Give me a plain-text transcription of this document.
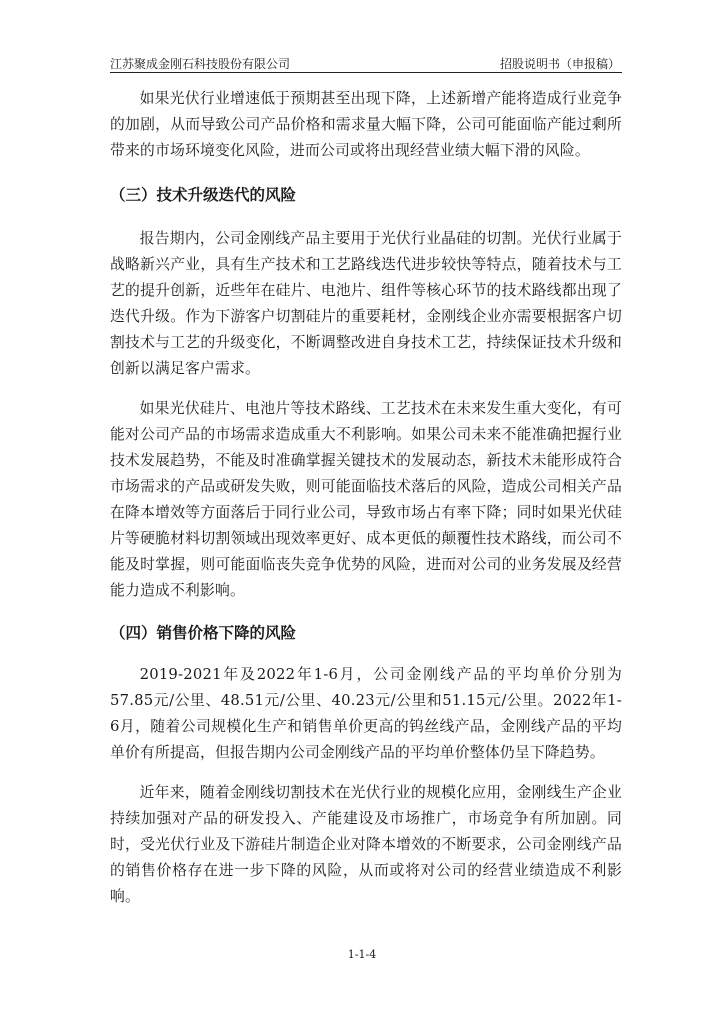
江苏聚成金刚石科技股份有限公司	招股说明书（申报稿）

如果光伏行业增速低于预期甚至出现下降，上述新增产能将造成行业竞争的加剧，从而导致公司产品价格和需求量大幅下降，公司可能面临产能过剩所带来的市场环境变化风险，进而公司或将出现经营业绩大幅下滑的风险。

（三）技术升级迭代的风险

报告期内，公司金刚线产品主要用于光伏行业晶硅的切割。光伏行业属于战略新兴产业，具有生产技术和工艺路线迭代进步较快等特点，随着技术与工艺的提升创新，近些年在硅片、电池片、组件等核心环节的技术路线都出现了迭代升级。作为下游客户切割硅片的重要耗材，金刚线企业亦需要根据客户切割技术与工艺的升级变化，不断调整改进自身技术工艺，持续保证技术升级和创新以满足客户需求。

如果光伏硅片、电池片等技术路线、工艺技术在未来发生重大变化，有可能对公司产品的市场需求造成重大不利影响。如果公司未来不能准确把握行业技术发展趋势，不能及时准确掌握关键技术的发展动态，新技术未能形成符合市场需求的产品或研发失败，则可能面临技术落后的风险，造成公司相关产品在降本增效等方面落后于同行业公司，导致市场占有率下降；同时如果光伏硅片等硬脆材料切割领域出现效率更好、成本更低的颠覆性技术路线，而公司不能及时掌握，则可能面临丧失竞争优势的风险，进而对公司的业务发展及经营能力造成不利影响。

（四）销售价格下降的风险

2019-2021年及2022年1-6月，公司金刚线产品的平均单价分别为57.85元/公里、48.51元/公里、40.23元/公里和51.15元/公里。2022年1-6月，随着公司规模化生产和销售单价更高的钨丝线产品，金刚线产品的平均单价有所提高，但报告期内公司金刚线产品的平均单价整体仍呈下降趋势。

近年来，随着金刚线切割技术在光伏行业的规模化应用，金刚线生产企业持续加强对产品的研发投入、产能建设及市场推广，市场竞争有所加剧。同时，受光伏行业及下游硅片制造企业对降本增效的不断要求，公司金刚线产品的销售价格存在进一步下降的风险，从而或将对公司的经营业绩造成不利影响。

1-1-4
